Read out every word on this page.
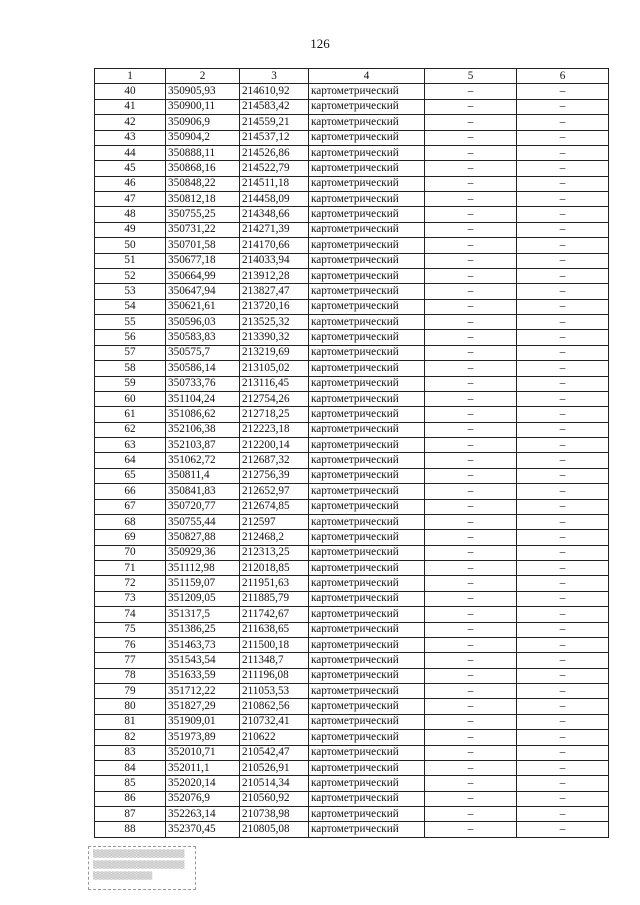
126
1	2	3	4	5	6
40	350905,93	214610,92	картометрический	–	–
41	350900,11	214583,42	картометрический	–	–
42	350906,9	214559,21	картометрический	–	–
43	350904,2	214537,12	картометрический	–	–
44	350888,11	214526,86	картометрический	–	–
45	350868,16	214522,79	картометрический	–	–
46	350848,22	214511,18	картометрический	–	–
47	350812,18	214458,09	картометрический	–	–
48	350755,25	214348,66	картометрический	–	–
49	350731,22	214271,39	картометрический	–	–
50	350701,58	214170,66	картометрический	–	–
51	350677,18	214033,94	картометрический	–	–
52	350664,99	213912,28	картометрический	–	–
53	350647,94	213827,47	картометрический	–	–
54	350621,61	213720,16	картометрический	–	–
55	350596,03	213525,32	картометрический	–	–
56	350583,83	213390,32	картометрический	–	–
57	350575,7	213219,69	картометрический	–	–
58	350586,14	213105,02	картометрический	–	–
59	350733,76	213116,45	картометрический	–	–
60	351104,24	212754,26	картометрический	–	–
61	351086,62	212718,25	картометрический	–	–
62	352106,38	212223,18	картометрический	–	–
63	352103,87	212200,14	картометрический	–	–
64	351062,72	212687,32	картометрический	–	–
65	350811,4	212756,39	картометрический	–	–
66	350841,83	212652,97	картометрический	–	–
67	350720,77	212674,85	картометрический	–	–
68	350755,44	212597	картометрический	–	–
69	350827,88	212468,2	картометрический	–	–
70	350929,36	212313,25	картометрический	–	–
71	351112,98	212018,85	картометрический	–	–
72	351159,07	211951,63	картометрический	–	–
73	351209,05	211885,79	картометрический	–	–
74	351317,5	211742,67	картометрический	–	–
75	351386,25	211638,65	картометрический	–	–
76	351463,73	211500,18	картометрический	–	–
77	351543,54	211348,7	картометрический	–	–
78	351633,59	211196,08	картометрический	–	–
79	351712,22	211053,53	картометрический	–	–
80	351827,29	210862,56	картометрический	–	–
81	351909,01	210732,41	картометрический	–	–
82	351973,89	210622	картометрический	–	–
83	352010,71	210542,47	картометрический	–	–
84	352011,1	210526,91	картометрический	–	–
85	352020,14	210514,34	картометрический	–	–
86	352076,9	210560,92	картометрический	–	–
87	352263,14	210738,98	картометрический	–	–
88	352370,45	210805,08	картометрический	–	–
▒▒▒▒▒▒▒▒▒▒▒▒▒▒▒▒▒
▒▒▒▒▒▒▒▒▒▒▒▒▒▒▒▒▒
▒▒▒▒▒▒▒▒▒▒▒
